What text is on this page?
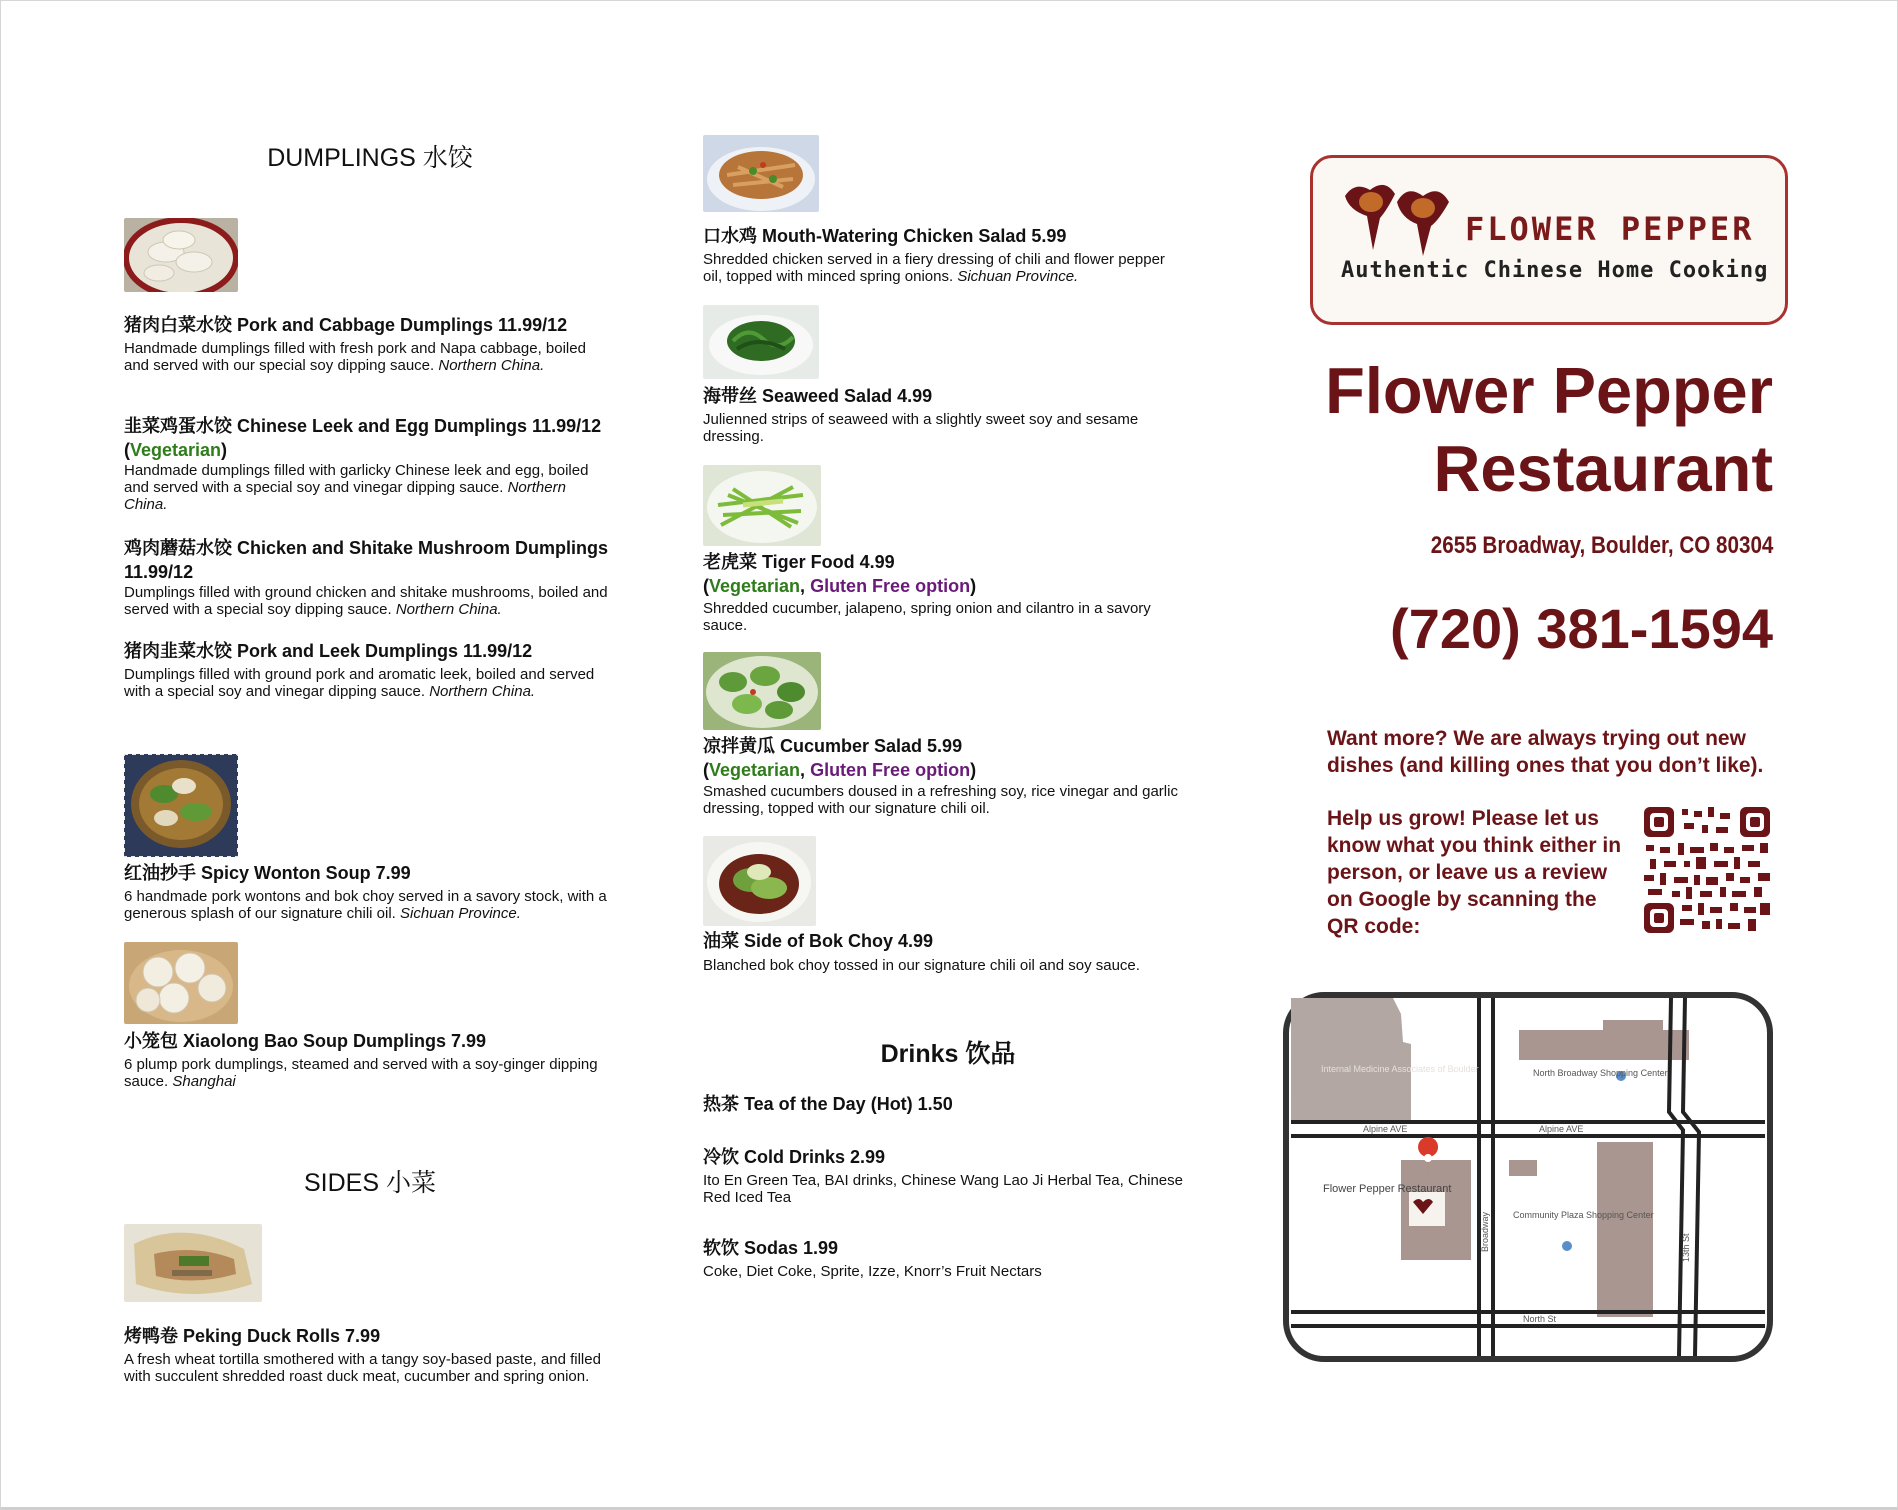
DUMPLINGS 水饺
猪肉白菜水饺 Pork and Cabbage Dumplings 11.99/12
Handmade dumplings filled with fresh pork and Napa cabbage, boiled and served with our special soy dipping sauce. Northern China.
韭菜鸡蛋水饺 Chinese Leek and Egg Dumplings 11.99/12
(Vegetarian)
Handmade dumplings filled with garlicky Chinese leek and egg, boiled and served with a special soy and vinegar dipping sauce. Northern China.
鸡肉蘑菇水饺 Chicken and Shitake Mushroom Dumplings 11.99/12
Dumplings filled with ground chicken and shitake mushrooms, boiled and served with a special soy dipping sauce. Northern China.
猪肉韭菜水饺 Pork and Leek Dumplings 11.99/12
Dumplings filled with ground pork and aromatic leek, boiled and served with a special soy and vinegar dipping sauce. Northern China.
红油抄手 Spicy Wonton Soup 7.99
6 handmade pork wontons and bok choy served in a savory stock, with a generous splash of our signature chili oil. Sichuan Province.
小笼包 Xiaolong Bao Soup Dumplings 7.99
6 plump pork dumplings, steamed and served with a soy-ginger dipping sauce. Shanghai
SIDES 小菜
烤鸭卷 Peking Duck Rolls 7.99
A fresh wheat tortilla smothered with a tangy soy-based paste, and filled with succulent shredded roast duck meat, cucumber and spring onion.
口水鸡 Mouth-Watering Chicken Salad 5.99
Shredded chicken served in a fiery dressing of chili and flower pepper oil, topped with minced spring onions. Sichuan Province.
海带丝 Seaweed Salad 4.99
Julienned strips of seaweed with a slightly sweet soy and sesame dressing.
老虎菜 Tiger Food 4.99
(Vegetarian, Gluten Free option)
Shredded cucumber, jalapeno, spring onion and cilantro in a savory sauce.
凉拌黄瓜 Cucumber Salad 5.99
(Vegetarian, Gluten Free option)
Smashed cucumbers doused in a refreshing soy, rice vinegar and garlic dressing, topped with our signature chili oil.
油菜 Side of Bok Choy 4.99
Blanched bok choy tossed in our signature chili oil and soy sauce.
Drinks 饮品
热茶 Tea of the Day (Hot) 1.50
冷饮 Cold Drinks 2.99
Ito En Green Tea, BAI drinks, Chinese Wang Lao Ji Herbal Tea, Chinese Red Iced Tea
软饮 Sodas 1.99
Coke, Diet Coke, Sprite, Izze, Knorr’s Fruit Nectars
FLOWER PEPPER
Authentic Chinese Home Cooking
Flower Pepper
Restaurant
2655 Broadway, Boulder, CO 80304
(720) 381-1594
Want more? We are always trying out new dishes (and killing ones that you don’t like).
Help us grow! Please let us know what you think either in person, or leave us a review on Google by scanning the QR code:
Internal Medicine Associates of Boulder	North Broadway Shopping Center
Alpine AVE	Alpine AVE
Flower Pepper Restaurant
Community Plaza Shopping Center
Broadway	13th St
North St
